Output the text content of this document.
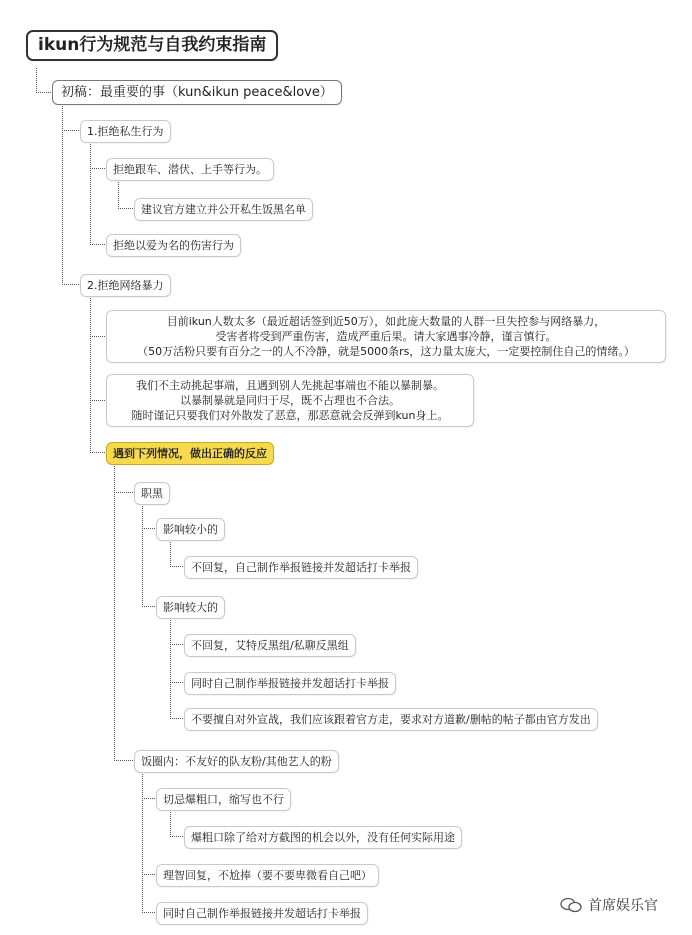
ikun行为规范与自我约束指南
初稿：最重要的事（kun&ikun peace&love）
1.拒绝私生行为
拒绝跟车、潜伏、上手等行为。
建议官方建立并公开私生饭黑名单
拒绝以爱为名的伤害行为
2.拒绝网络暴力
目前ikun人数太多（最近超话签到近50万），如此庞大数量的人群一旦失控参与网络暴力，
受害者将受到严重伤害，造成严重后果。请大家遇事冷静，谨言慎行。
（50万活粉只要有百分之一的人不冷静，就是5000条rs，这力量太庞大，一定要控制住自己的情绪。）
我们不主动挑起事端，且遇到别人先挑起事端也不能以暴制暴。
以暴制暴就是同归于尽，既不占理也不合法。
随时谨记只要我们对外散发了恶意，那恶意就会反弹到kun身上。
遇到下列情况，做出正确的反应
职黑
影响较小的
不回复，自己制作举报链接并发超话打卡举报
影响较大的
不回复，艾特反黑组/私聊反黑组
同时自己制作举报链接并发超话打卡举报
不要擅自对外宣战，我们应该跟着官方走，要求对方道歉/删帖的帖子都由官方发出
饭圈内：不友好的队友粉/其他艺人的粉
切忌爆粗口，缩写也不行
爆粗口除了给对方截图的机会以外，没有任何实际用途
理智回复，不尬捧（要不要卑微看自己吧）
同时自己制作举报链接并发超话打卡举报	首席娱乐官
